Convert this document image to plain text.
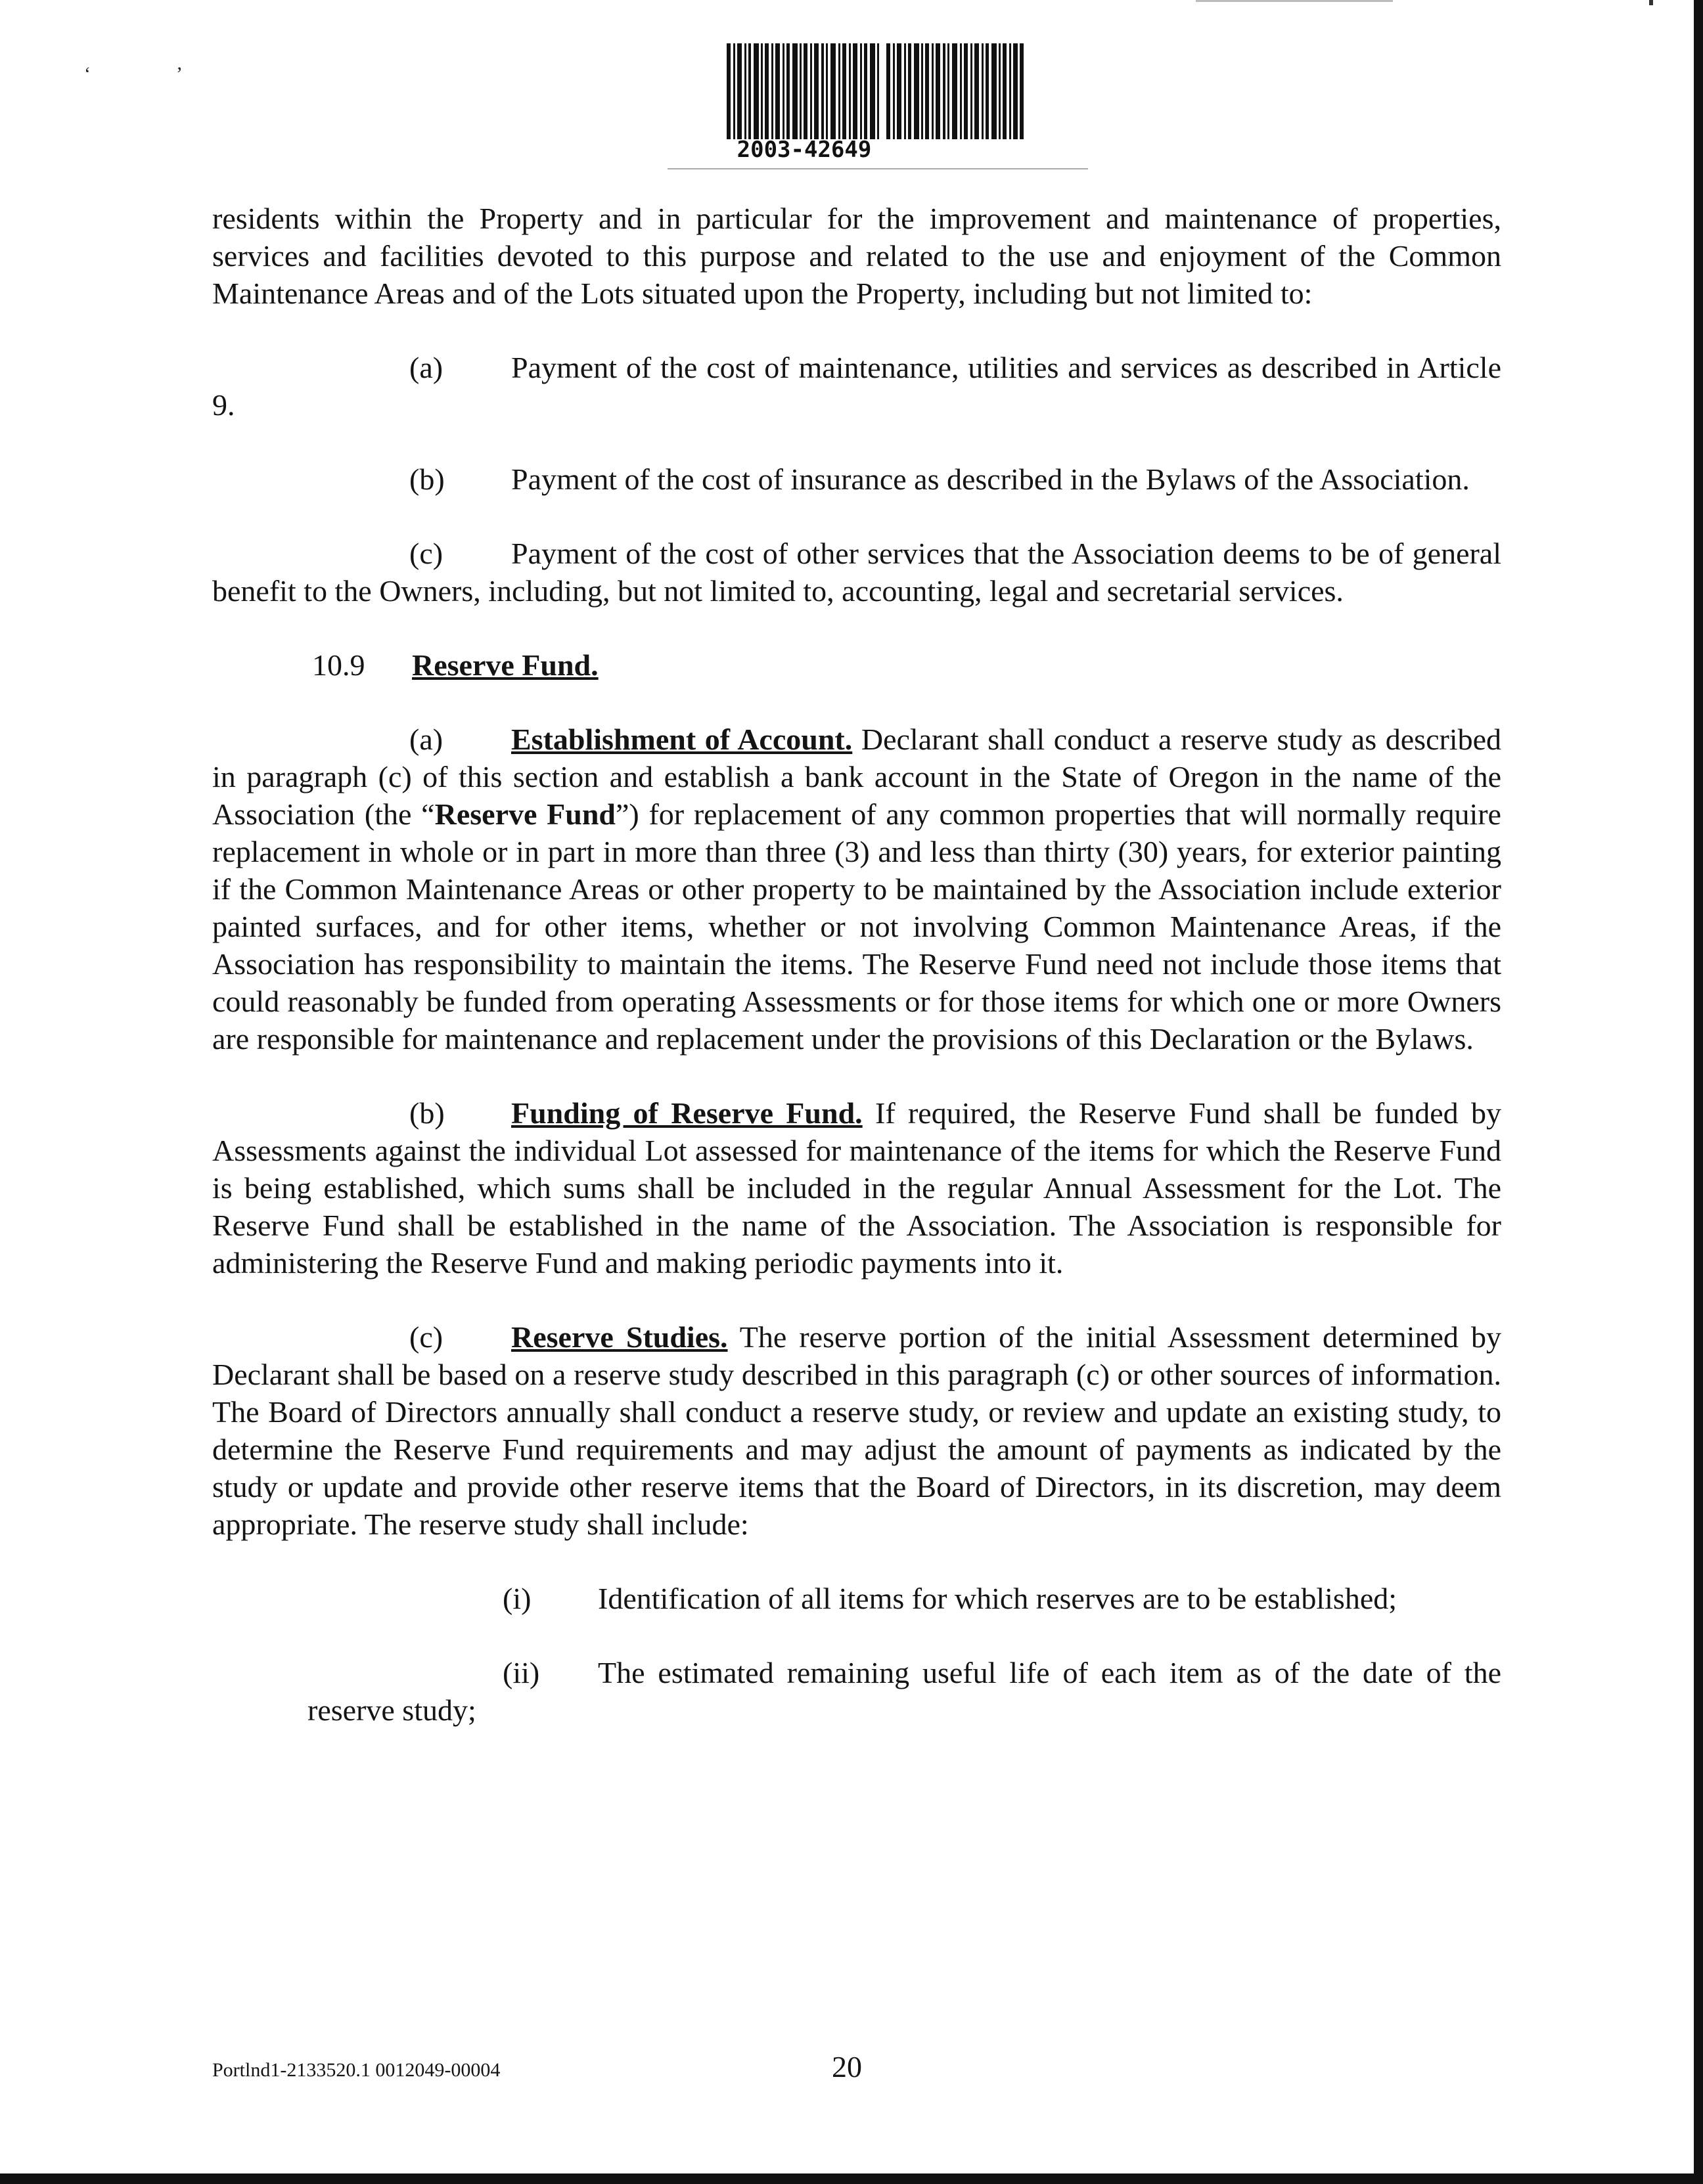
‘’
2003-42649

residents within the Property and in particular for the improvement and maintenance of properties, services and facilities devoted to this purpose and related to the use and enjoyment of the Common Maintenance Areas and of the Lots situated upon the Property, including but not limited to:

(a) Payment of the cost of maintenance, utilities and services as described in Article 9.

(b) Payment of the cost of insurance as described in the Bylaws of the Association.

(c) Payment of the cost of other services that the Association deems to be of general benefit to the Owners, including, but not limited to, accounting, legal and secretarial services.

10.9 Reserve Fund.

(a) Establishment of Account. Declarant shall conduct a reserve study as described in paragraph (c) of this section and establish a bank account in the State of Oregon in the name of the Association (the “Reserve Fund”) for replacement of any common properties that will normally require replacement in whole or in part in more than three (3) and less than thirty (30) years, for exterior painting if the Common Maintenance Areas or other property to be maintained by the Association include exterior painted surfaces, and for other items, whether or not involving Common Maintenance Areas, if the Association has responsibility to maintain the items. The Reserve Fund need not include those items that could reasonably be funded from operating Assessments or for those items for which one or more Owners are responsible for maintenance and replacement under the provisions of this Declaration or the Bylaws.

(b) Funding of Reserve Fund. If required, the Reserve Fund shall be funded by Assessments against the individual Lot assessed for maintenance of the items for which the Reserve Fund is being established, which sums shall be included in the regular Annual Assessment for the Lot. The Reserve Fund shall be established in the name of the Association. The Association is responsible for administering the Reserve Fund and making periodic payments into it.

(c) Reserve Studies. The reserve portion of the initial Assessment determined by Declarant shall be based on a reserve study described in this paragraph (c) or other sources of information. The Board of Directors annually shall conduct a reserve study, or review and update an existing study, to determine the Reserve Fund requirements and may adjust the amount of payments as indicated by the study or update and provide other reserve items that the Board of Directors, in its discretion, may deem appropriate. The reserve study shall include:

(i) Identification of all items for which reserves are to be established;

(ii) The estimated remaining useful life of each item as of the date of the reserve study;

Portlnd1-2133520.1 0012049-00004	20
